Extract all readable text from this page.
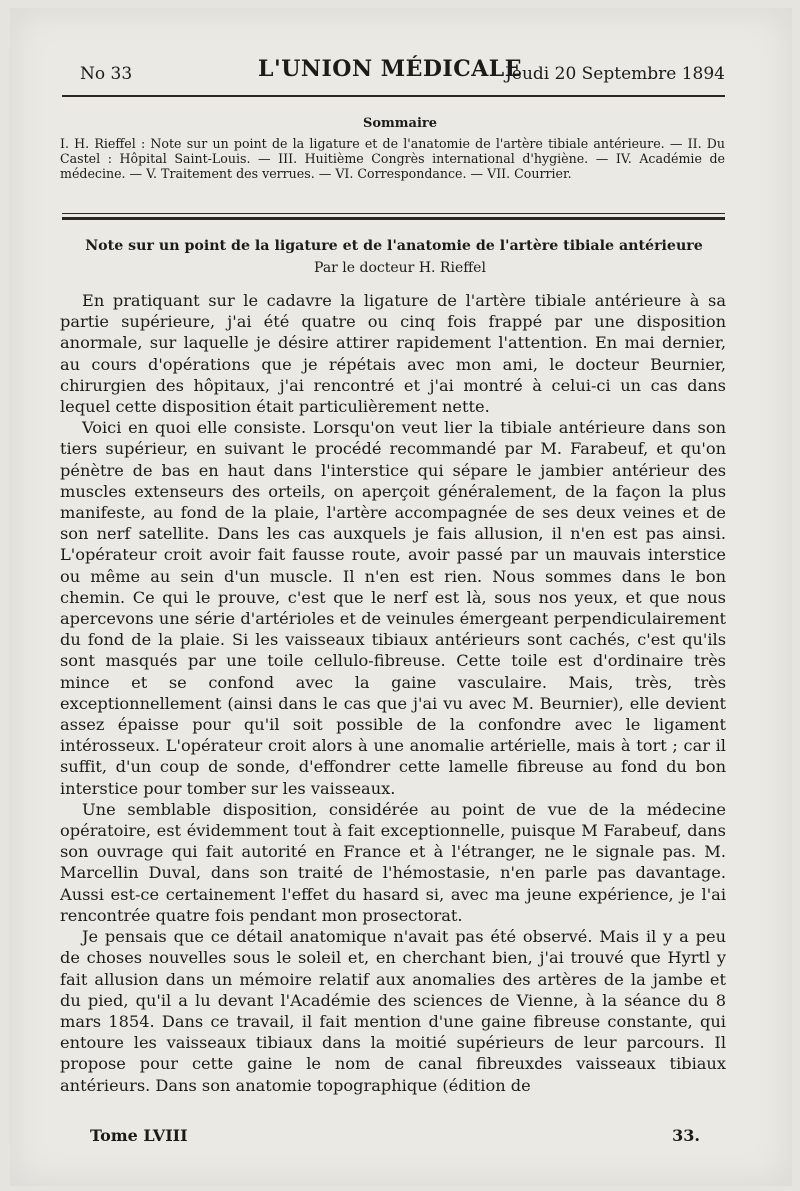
No 33	L'UNION MÉDICALE
Jeudi 20 Septembre 1894
Sommaire
I. H. Rieffel : Note sur un point de la ligature et de l'anatomie de l'artère tibiale antérieure. — II. Du Castel : Hôpital Saint-Louis. — III. Huitième Congrès international d'hygiène. — IV. Académie de médecine. — V. Traitement des verrues. — VI. Correspondance. — VII. Courrier.
Note sur un point de la ligature et de l'anatomie de l'artère tibiale antérieure
Par le docteur H. Rieffel

En pratiquant sur le cadavre la ligature de l'artère tibiale antérieure à sa partie supérieure, j'ai été quatre ou cinq fois frappé par une disposition anormale, sur laquelle je désire attirer rapidement l'attention. En mai dernier, au cours d'opérations que je répétais avec mon ami, le docteur Beurnier, chirurgien des hôpitaux, j'ai rencontré et j'ai montré à celui-ci un cas dans lequel cette disposition était particulièrement nette.

Voici en quoi elle consiste. Lorsqu'on veut lier la tibiale antérieure dans son tiers supérieur, en suivant le procédé recommandé par M. Farabeuf, et qu'on pénètre de bas en haut dans l'interstice qui sépare le jambier antérieur des muscles extenseurs des orteils, on aperçoit généralement, de la façon la plus manifeste, au fond de la plaie, l'artère accompagnée de ses deux veines et de son nerf satellite. Dans les cas auxquels je fais allusion, il n'en est pas ainsi. L'opérateur croit avoir fait fausse route, avoir passé par un mauvais interstice ou même au sein d'un muscle. Il n'en est rien. Nous sommes dans le bon chemin. Ce qui le prouve, c'est que le nerf est là, sous nos yeux, et que nous apercevons une série d'artérioles et de veinules émergeant perpendiculairement du fond de la plaie. Si les vaisseaux tibiaux antérieurs sont cachés, c'est qu'ils sont masqués par une toile cellulo-fibreuse. Cette toile est d'ordinaire très mince et se confond avec la gaine vasculaire. Mais, très, très exceptionnellement (ainsi dans le cas que j'ai vu avec M. Beurnier), elle devient assez épaisse pour qu'il soit possible de la confondre avec le ligament intérosseux. L'opérateur croit alors à une anomalie artérielle, mais à tort ; car il suffit, d'un coup de sonde, d'effondrer cette lamelle fibreuse au fond du bon interstice pour tomber sur les vaisseaux.

Une semblable disposition, considérée au point de vue de la médecine opératoire, est évidemment tout à fait exceptionnelle, puisque M Farabeuf, dans son ouvrage qui fait autorité en France et à l'étranger, ne le signale pas. M. Marcellin Duval, dans son traité de l'hémostasie, n'en parle pas davantage. Aussi est-ce certainement l'effet du hasard si, avec ma jeune expérience, je l'ai rencontrée quatre fois pendant mon prosectorat.

Je pensais que ce détail anatomique n'avait pas été observé. Mais il y a peu de choses nouvelles sous le soleil et, en cherchant bien, j'ai trouvé que Hyrtl y fait allusion dans un mémoire relatif aux anomalies des artères de la jambe et du pied, qu'il a lu devant l'Académie des sciences de Vienne, à la séance du 8 mars 1854. Dans ce travail, il fait mention d'une gaine fibreuse constante, qui entoure les vaisseaux tibiaux dans la moitié supérieurs de leur parcours. Il propose pour cette gaine le nom de canal fibreuxdes vaisseaux tibiaux antérieurs. Dans son anatomie topographique (édition de

Tome LVIII	33.
